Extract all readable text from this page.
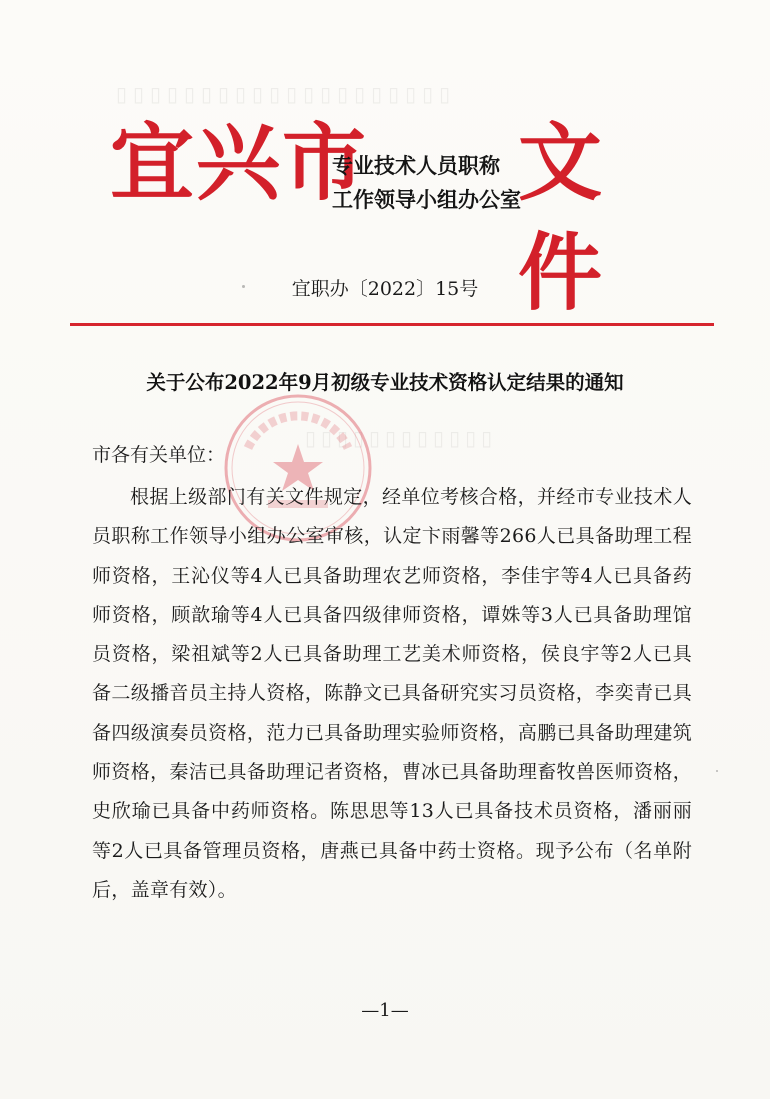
▯▯▯▯▯▯▯▯▯▯▯▯▯▯▯▯▯▯▯▯
▯▯▯▯▯▯▯▯▯▯▯▯
宜兴市
专业技术人员职称
工作领导小组办公室
文件
宜职办〔2022〕15号
关于公布2022年9月初级专业技术资格认定结果的通知
市各有关单位：
根据上级部门有关文件规定，经单位考核合格，并经市专业技术人员职称工作领导小组办公室审核，认定卞雨馨等266人已具备助理工程师资格，王沁仪等4人已具备助理农艺师资格，李佳宇等4人已具备药师资格，顾歆瑜等4人已具备四级律师资格，谭姝等3人已具备助理馆员资格，梁祖斌等2人已具备助理工艺美术师资格，侯良宇等2人已具备二级播音员主持人资格，陈静文已具备研究实习员资格，李奕青已具备四级演奏员资格，范力已具备助理实验师资格，高鹏已具备助理建筑师资格，秦洁已具备助理记者资格，曹冰已具备助理畜牧兽医师资格，史欣瑜已具备中药师资格。陈思思等13人已具备技术员资格，潘丽丽等2人已具备管理员资格，唐燕已具备中药士资格。现予公布（名单附后，盖章有效）。
—1—
